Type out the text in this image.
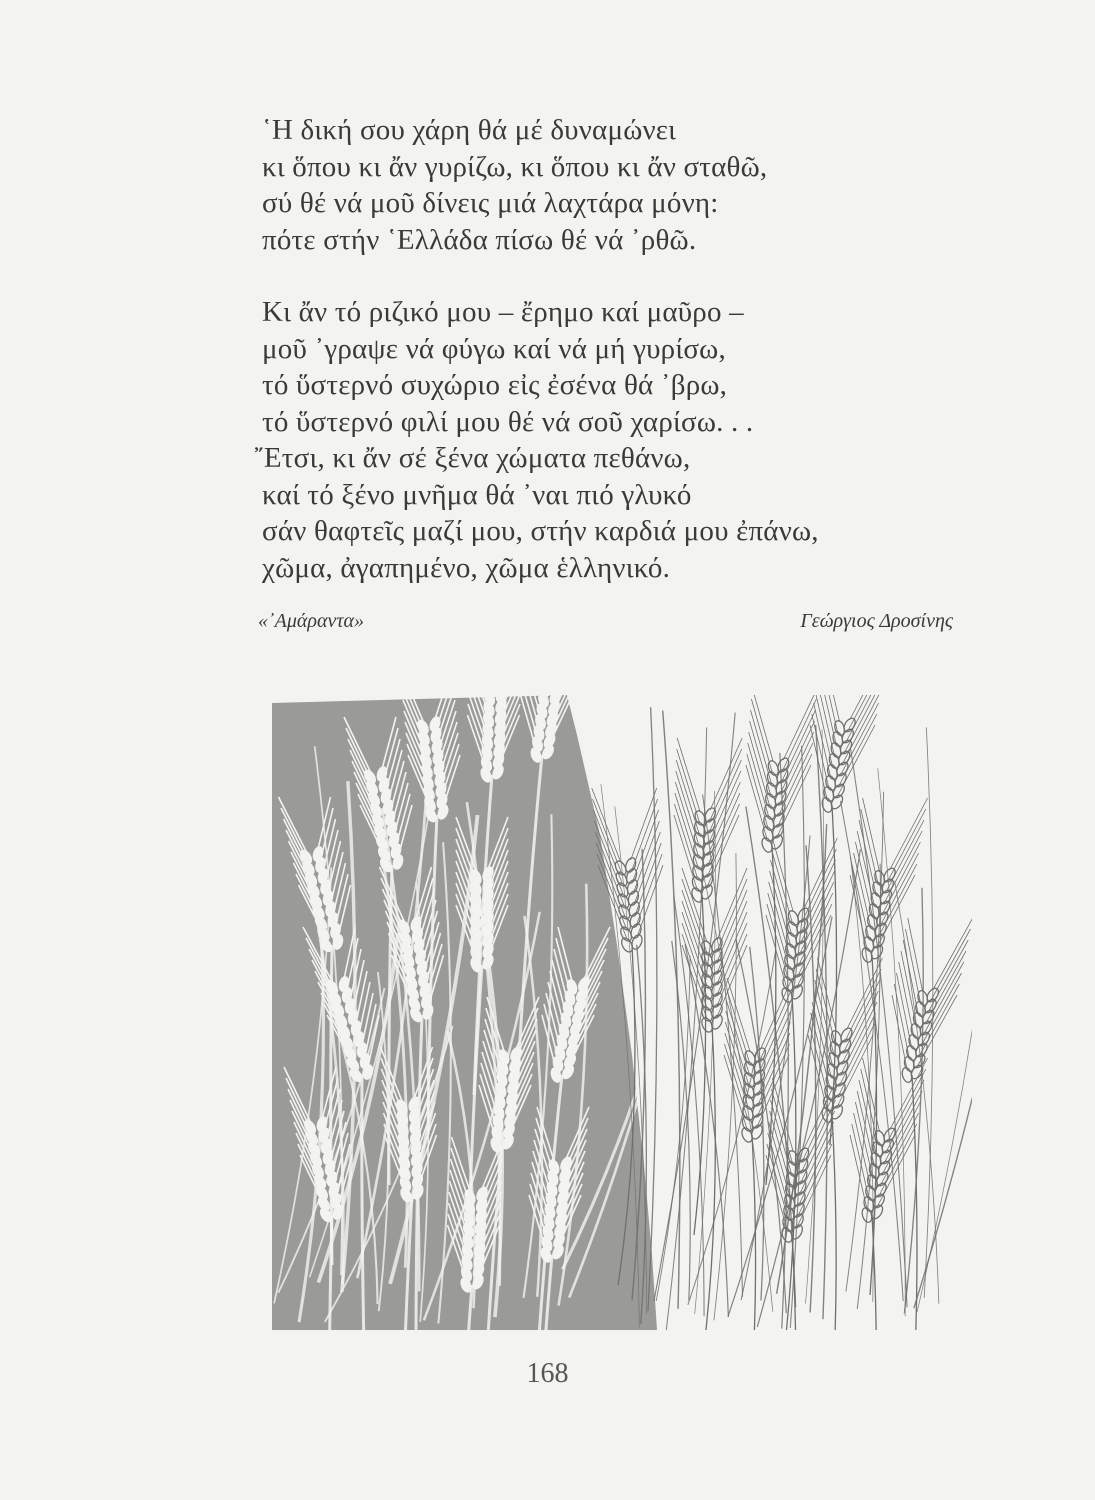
῾Η δική σου χάρη θά μέ δυναμώνει
κι ὅπου κι ἄν γυρίζω, κι ὅπου κι ἄν σταθῶ,
σύ θέ νά μοῦ δίνεις μιά λαχτάρα μόνη:
πότε στήν ῾Ελλάδα πίσω θέ νά ᾿ρθῶ.
Κι ἄν τό ριζικό μου – ἔρημο καί μαῦρο –
μοῦ ᾿γραψε νά φύγω καί νά μή γυρίσω,
τό ὕστερνό συχώριο εἰς ἐσένα θά ᾿βρω,
τό ὕστερνό φιλί μου θέ νά σοῦ χαρίσω. . .
῎Ετσι, κι ἄν σέ ξένα χώματα πεθάνω,
καί τό ξένο μνῆμα θά ᾿ναι πιό γλυκό
σάν θαφτεῖς μαζί μου, στήν καρδιά μου ἐπάνω,
χῶμα, ἀγαπημένο, χῶμα ἑλληνικό.
«᾿Αμάραντα»	Γεώργιος Δροσίνης
168
